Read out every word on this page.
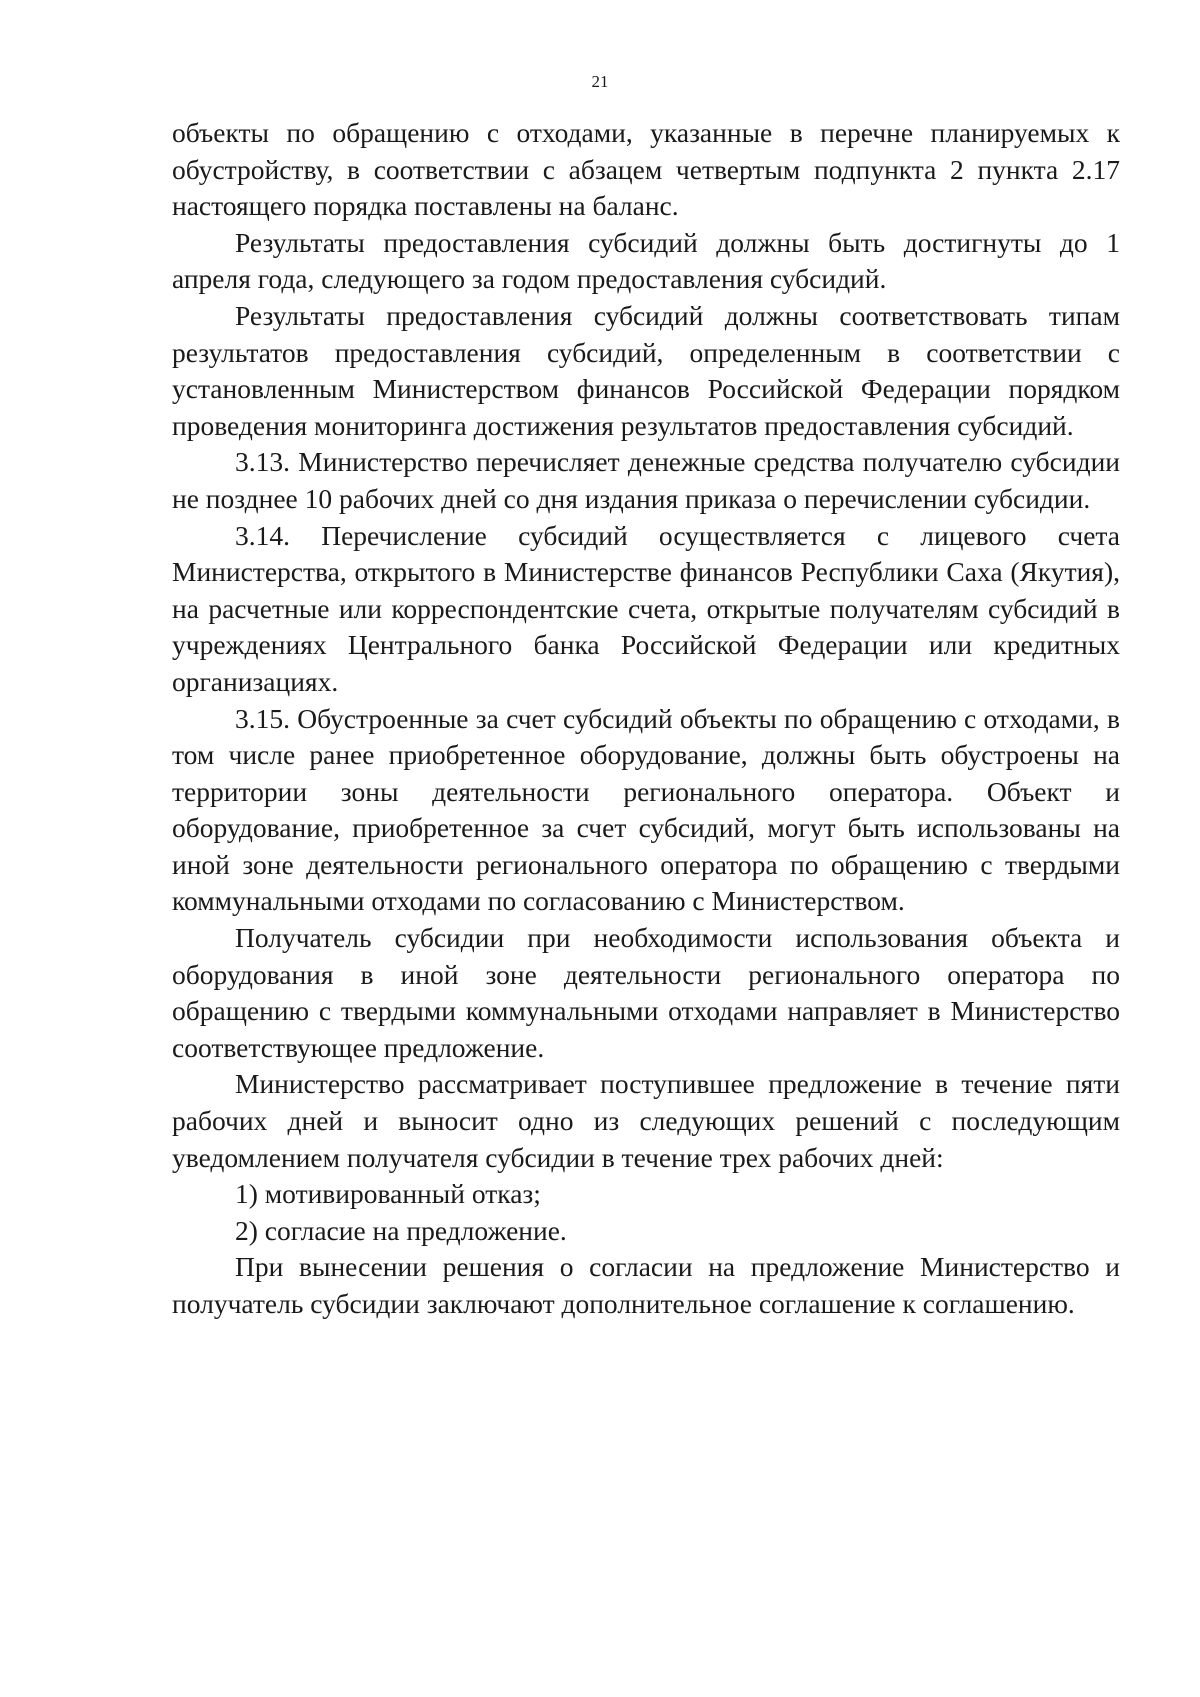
21

объекты по обращению с отходами, указанные в перечне планируемых к обустройству, в соответствии с абзацем четвертым подпункта 2 пункта 2.17 настоящего порядка поставлены на баланс.

Результаты предоставления субсидий должны быть достигнуты до 1 апреля года, следующего за годом предоставления субсидий.

Результаты предоставления субсидий должны соответствовать типам результатов предоставления субсидий, определенным в соответствии с установленным Министерством финансов Российской Федерации порядком проведения мониторинга достижения результатов предоставления субсидий.

3.13. Министерство перечисляет денежные средства получателю субсидии не позднее 10 рабочих дней со дня издания приказа о перечислении субсидии.

3.14. Перечисление субсидий осуществляется с лицевого счета Министерства, открытого в Министерстве финансов Республики Саха (Якутия), на расчетные или корреспондентские счета, открытые получателям субсидий в учреждениях Центрального банка Российской Федерации или кредитных организациях.

3.15. Обустроенные за счет субсидий объекты по обращению с отходами, в том числе ранее приобретенное оборудование, должны быть обустроены на территории зоны деятельности регионального оператора. Объект и оборудование, приобретенное за счет субсидий, могут быть использованы на иной зоне деятельности регионального оператора по обращению с твердыми коммунальными отходами по согласованию с Министерством.

Получатель субсидии при необходимости использования объекта и оборудования в иной зоне деятельности регионального оператора по обращению с твердыми коммунальными отходами направляет в Министерство соответствующее предложение.

Министерство рассматривает поступившее предложение в течение пяти рабочих дней и выносит одно из следующих решений с последующим уведомлением получателя субсидии в течение трех рабочих дней:

1) мотивированный отказ;

2) согласие на предложение.

При вынесении решения о согласии на предложение Министерство и получатель субсидии заключают дополнительное соглашение к соглашению.
